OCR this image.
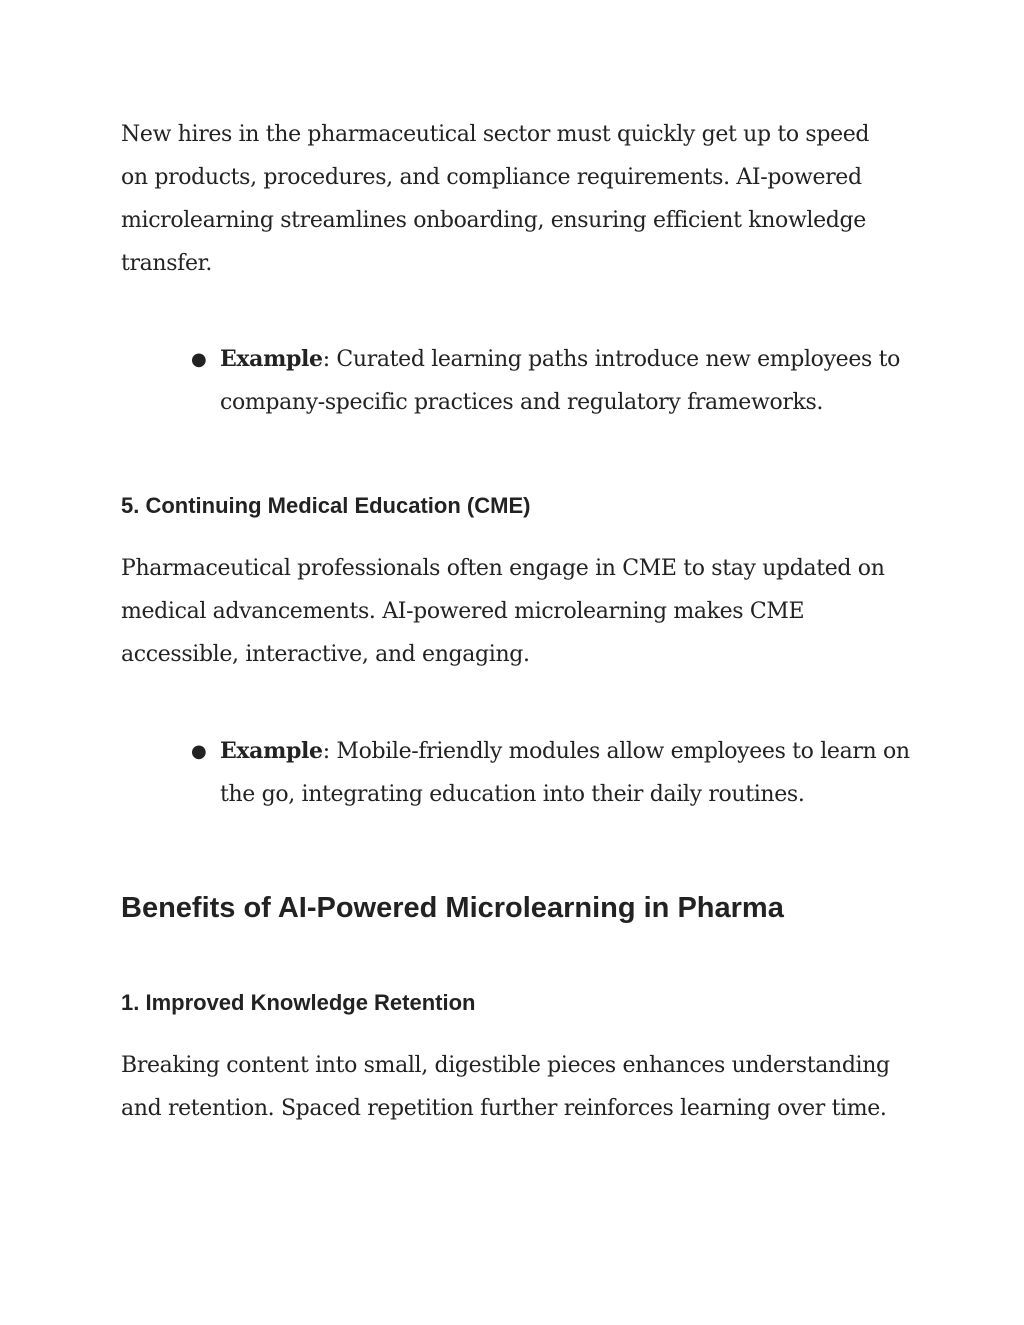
New hires in the pharmaceutical sector must quickly get up to speed on products, procedures, and compliance requirements. AI-powered microlearning streamlines onboarding, ensuring efficient knowledge transfer.

● Example: Curated learning paths introduce new employees to company-specific practices and regulatory frameworks.

5. Continuing Medical Education (CME)

Pharmaceutical professionals often engage in CME to stay updated on medical advancements. AI-powered microlearning makes CME accessible, interactive, and engaging.

● Example: Mobile-friendly modules allow employees to learn on the go, integrating education into their daily routines.

Benefits of AI-Powered Microlearning in Pharma
1. Improved Knowledge Retention

Breaking content into small, digestible pieces enhances understanding and retention. Spaced repetition further reinforces learning over time.
